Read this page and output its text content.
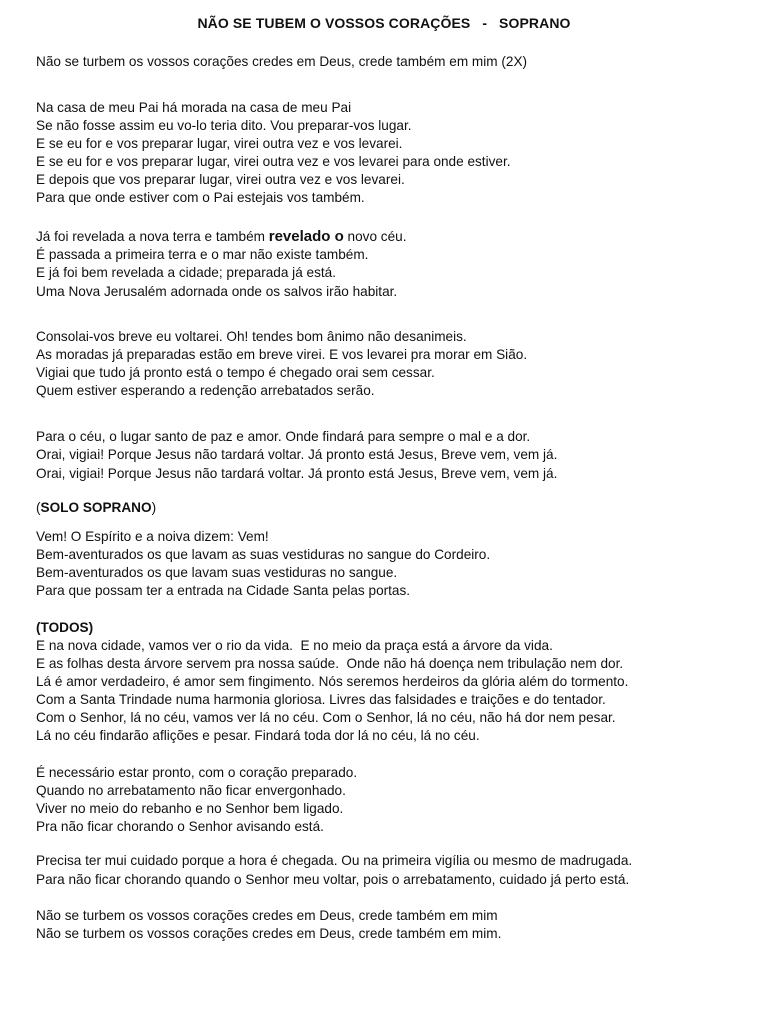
NÃO SE TUBEM O VOSSOS CORAÇÕES   -   SOPRANO
Não se turbem os vossos corações credes em Deus, crede também em mim (2X)
Na casa de meu Pai há morada na casa de meu Pai
Se não fosse assim eu vo-lo teria dito. Vou preparar-vos lugar.
E se eu for e vos preparar lugar, virei outra vez e vos levarei.
E se eu for e vos preparar lugar, virei outra vez e vos levarei para onde estiver.
E depois que vos preparar lugar, virei outra vez e vos levarei.
Para que onde estiver com o Pai estejais vos também.
Já foi revelada a nova terra e também revelado o novo céu.
É passada a primeira terra e o mar não existe também.
E já foi bem revelada a cidade; preparada já está.
Uma Nova Jerusalém adornada onde os salvos irão habitar.
Consolai-vos breve eu voltarei. Oh! tendes bom ânimo não desanimeis.
As moradas já preparadas estão em breve virei. E vos levarei pra morar em Sião.
Vigiai que tudo já pronto está o tempo é chegado orai sem cessar.
Quem estiver esperando a redenção arrebatados serão.
Para o céu, o lugar santo de paz e amor. Onde findará para sempre o mal e a dor.
Orai, vigiai! Porque Jesus não tardará voltar. Já pronto está Jesus, Breve vem, vem já.
Orai, vigiai! Porque Jesus não tardará voltar. Já pronto está Jesus, Breve vem, vem já.
(SOLO SOPRANO)
Vem! O Espírito e a noiva dizem: Vem!
Bem-aventurados os que lavam as suas vestiduras no sangue do Cordeiro.
Bem-aventurados os que lavam suas vestiduras no sangue.
Para que possam ter a entrada na Cidade Santa pelas portas.
(TODOS)
E na nova cidade, vamos ver o rio da vida.  E no meio da praça está a árvore da vida.
E as folhas desta árvore servem pra nossa saúde.  Onde não há doença nem tribulação nem dor.
Lá é amor verdadeiro, é amor sem fingimento. Nós seremos herdeiros da glória além do tormento.
Com a Santa Trindade numa harmonia gloriosa. Livres das falsidades e traições e do tentador.
Com o Senhor, lá no céu, vamos ver lá no céu. Com o Senhor, lá no céu, não há dor nem pesar.
Lá no céu findarão aflições e pesar. Findará toda dor lá no céu, lá no céu.
É necessário estar pronto, com o coração preparado.
Quando no arrebatamento não ficar envergonhado.
Viver no meio do rebanho e no Senhor bem ligado.
Pra não ficar chorando o Senhor avisando está.
Precisa ter mui cuidado porque a hora é chegada. Ou na primeira vigília ou mesmo de madrugada.
Para não ficar chorando quando o Senhor meu voltar, pois o arrebatamento, cuidado já perto está.
Não se turbem os vossos corações credes em Deus, crede também em mim
Não se turbem os vossos corações credes em Deus, crede também em mim.
